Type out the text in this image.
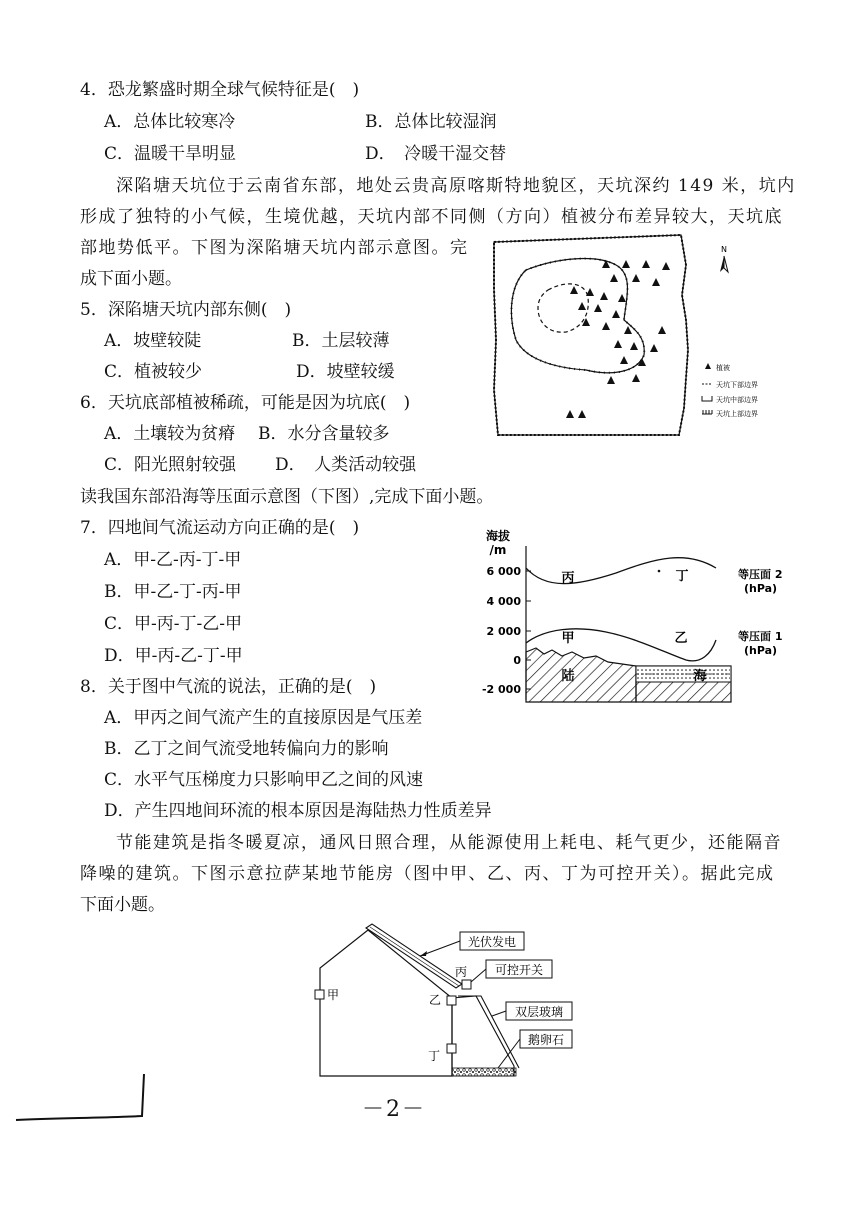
4．恐龙繁盛时期全球气候特征是(　)
A．总体比较寒冷	B．总体比较湿润
C．温暖干旱明显	D．　冷暖干湿交替
深陷塘天坑位于云南省东部，地处云贵高原喀斯特地貌区，天坑深约 149 米，坑内
形成了独特的小气候，生境优越，天坑内部不同侧（方向）植被分布差异较大，天坑底
部地势低平。下图为深陷塘天坑内部示意图。完
成下面小题。
5．深陷塘天坑内部东侧(　)
A．坡壁较陡	B．土层较薄
C．植被较少	D．坡壁较缓
6．天坑底部植被稀疏，可能是因为坑底(　)
A．土壤较为贫瘠 B．水分含量较多
C．阳光照射较强 D．　人类活动较强
N
植被
天坑下部边界
天坑中部边界
天坑上部边界
读我国东部沿海等压面示意图（下图）,完成下面小题。
7．四地间气流运动方向正确的是(　)
A．甲-乙-丙-丁-甲
B．甲-乙-丁-丙-甲
C．甲-丙-丁-乙-甲
D．甲-丙-乙-丁-甲
海拔
/m
6 000
4 000
2 000
0
-2 000
丙	丁
甲	乙
等压面 2
(hPa)
等压面 1
(hPa)
陆	海
8．关于图中气流的说法，正确的是(　)
A．甲丙之间气流产生的直接原因是气压差
B．乙丁之间气流受地转偏向力的影响
C．水平气压梯度力只影响甲乙之间的风速
D．产生四地间环流的根本原因是海陆热力性质差异
节能建筑是指冬暖夏凉，通风日照合理，从能源使用上耗电、耗气更少，还能隔音
降噪的建筑。下图示意拉萨某地节能房（图中甲、乙、丙、丁为可控开关）。据此完成
下面小题。
甲	乙
丙
丁
光伏发电
可控开关
双层玻璃
鹅卵石
－2－
